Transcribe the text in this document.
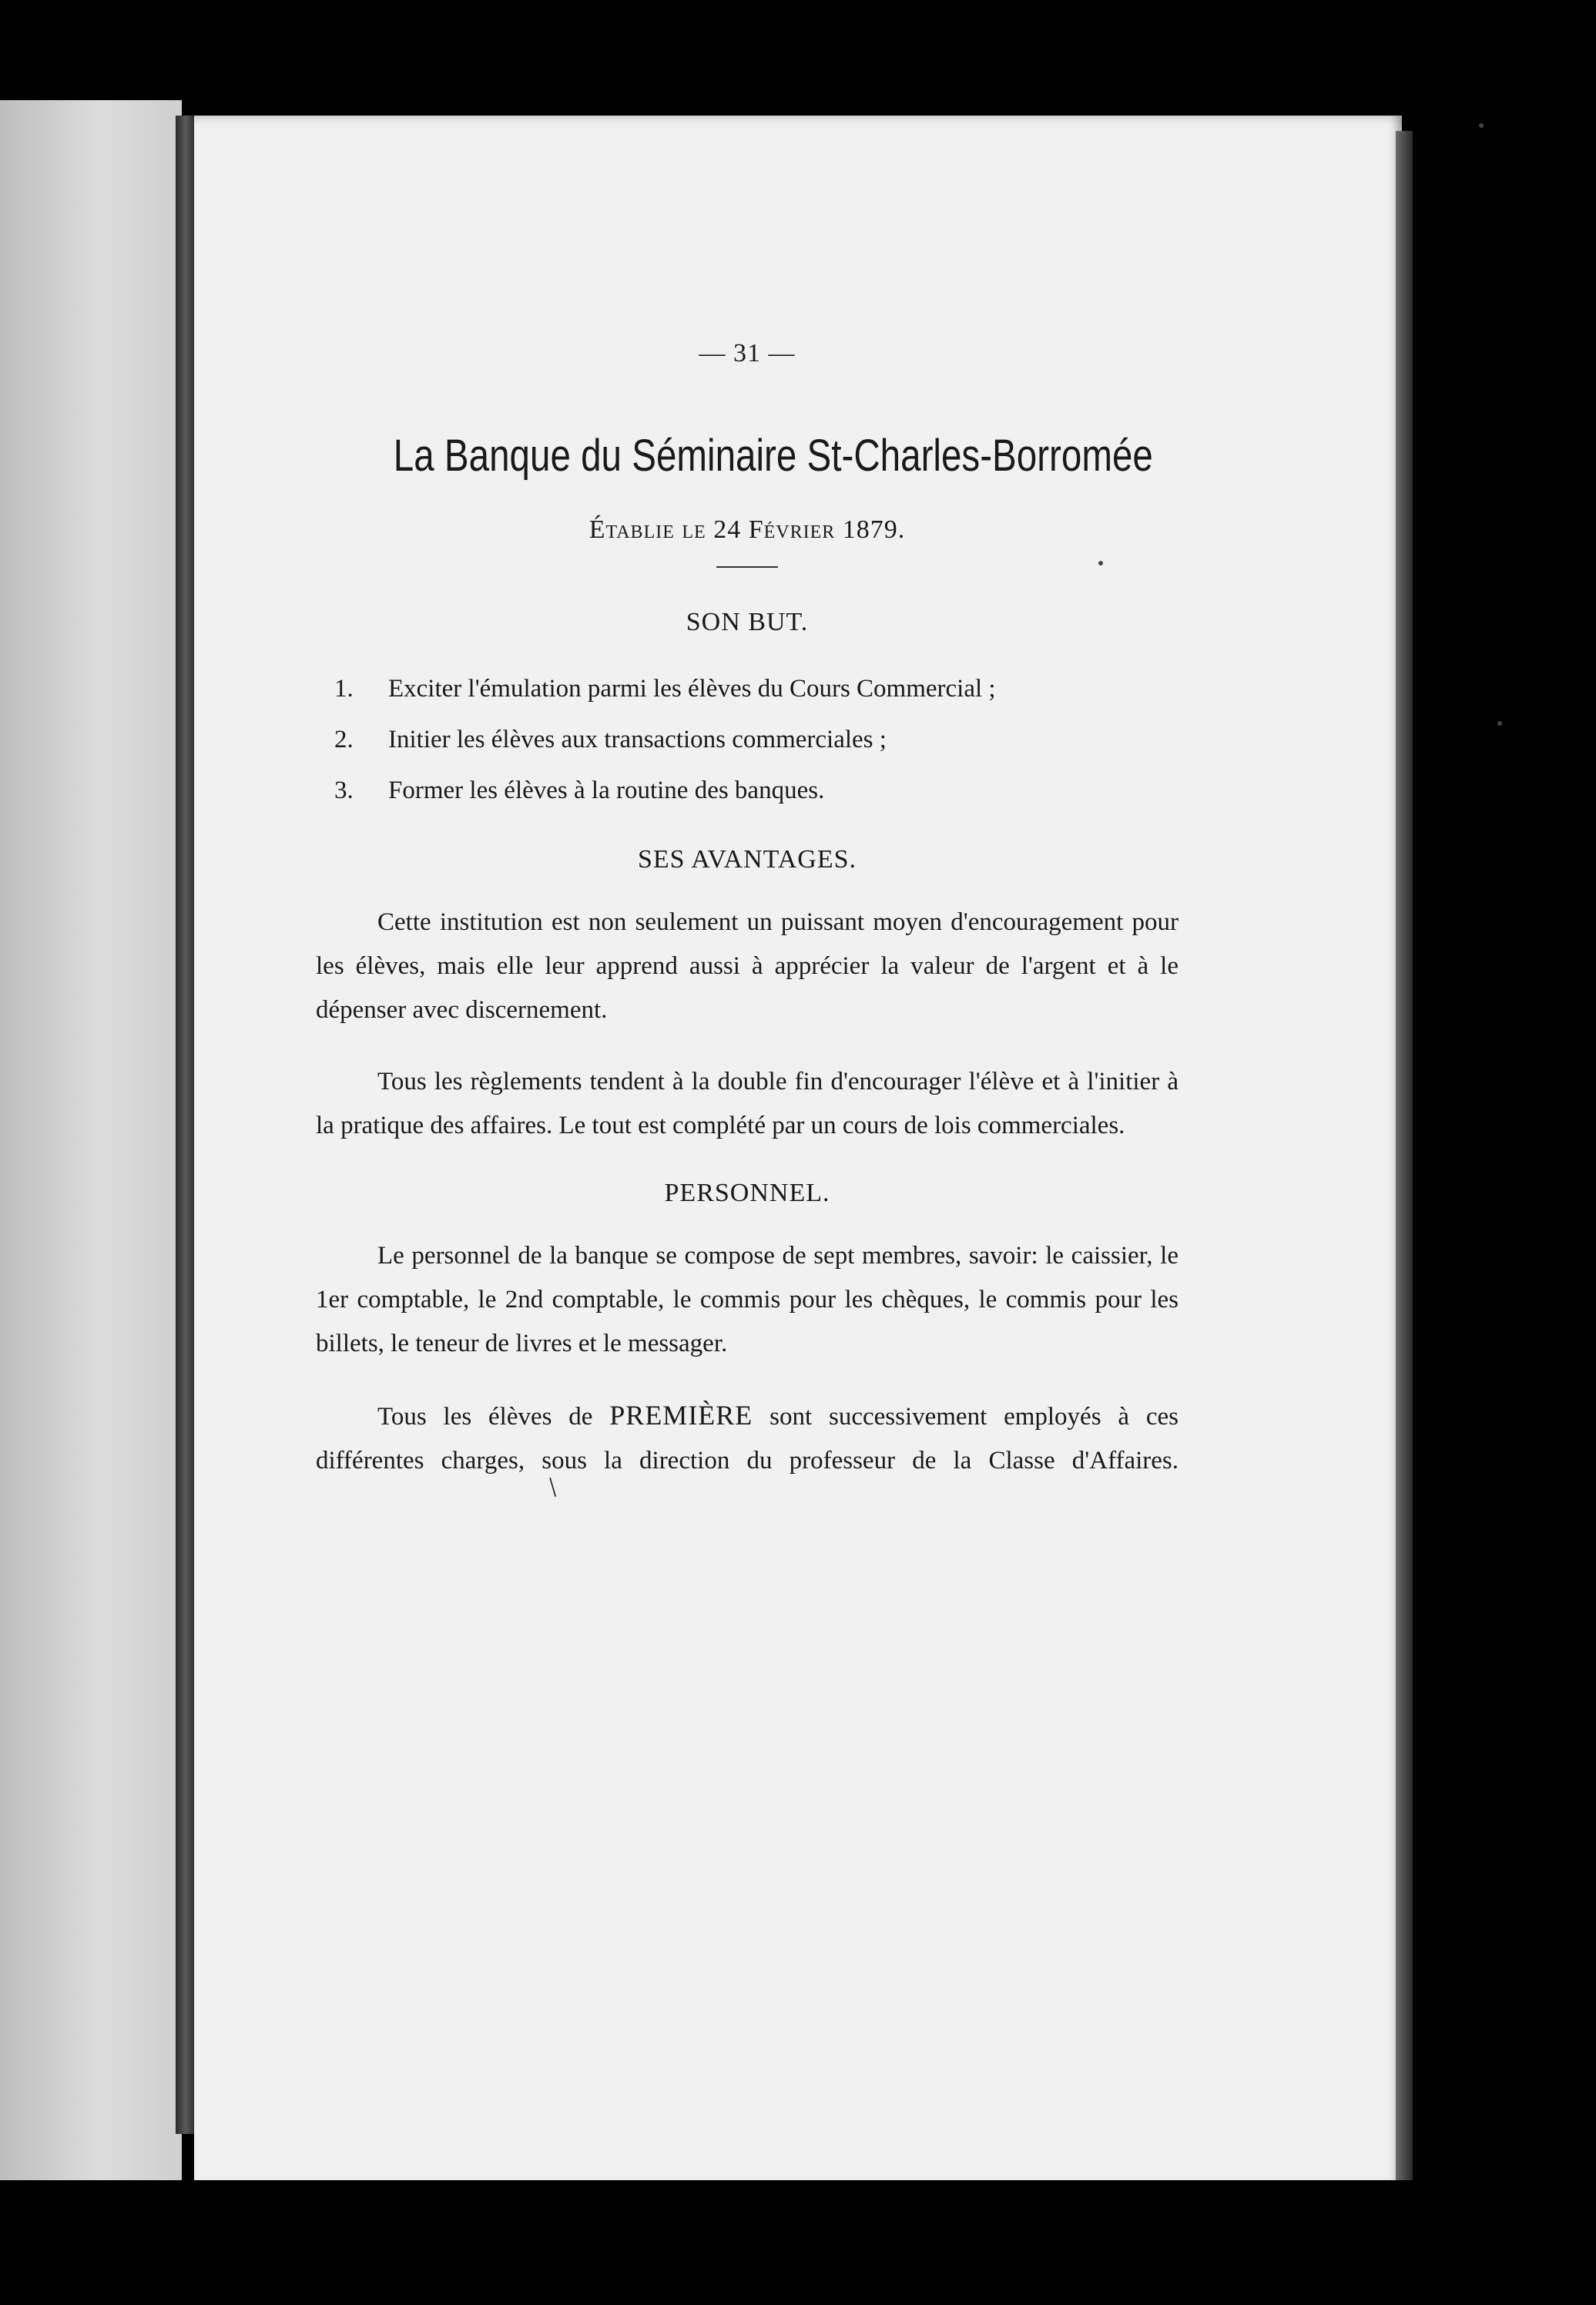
— 31 —
La Banque du Séminaire St-Charles-Borromée
Établie le 24 Février 1879.
SON BUT.
1.	Exciter l'émulation parmi les élèves du Cours Commercial ;
2.	Initier les élèves aux transactions commerciales ;
3.	Former les élèves à la routine des banques.
SES AVANTAGES.

Cette institution est non seulement un puissant moyen d'encouragement pour les élèves, mais elle leur apprend aussi à apprécier la valeur de l'argent et à le dépenser avec discernement.

Tous les règlements tendent à la double fin d'encourager l'élève et à l'initier à la pratique des affaires. Le tout est complété par un cours de lois commerciales.

PERSONNEL.

Le personnel de la banque se compose de sept membres, savoir: le caissier, le 1er comptable, le 2nd comptable, le commis pour les chèques, le commis pour les billets, le teneur de livres et le messager.

Tous les élèves de PREMIÈRE sont successivement employés à ces différentes charges, sous la direction du professeur de la Classe d'Affaires./
